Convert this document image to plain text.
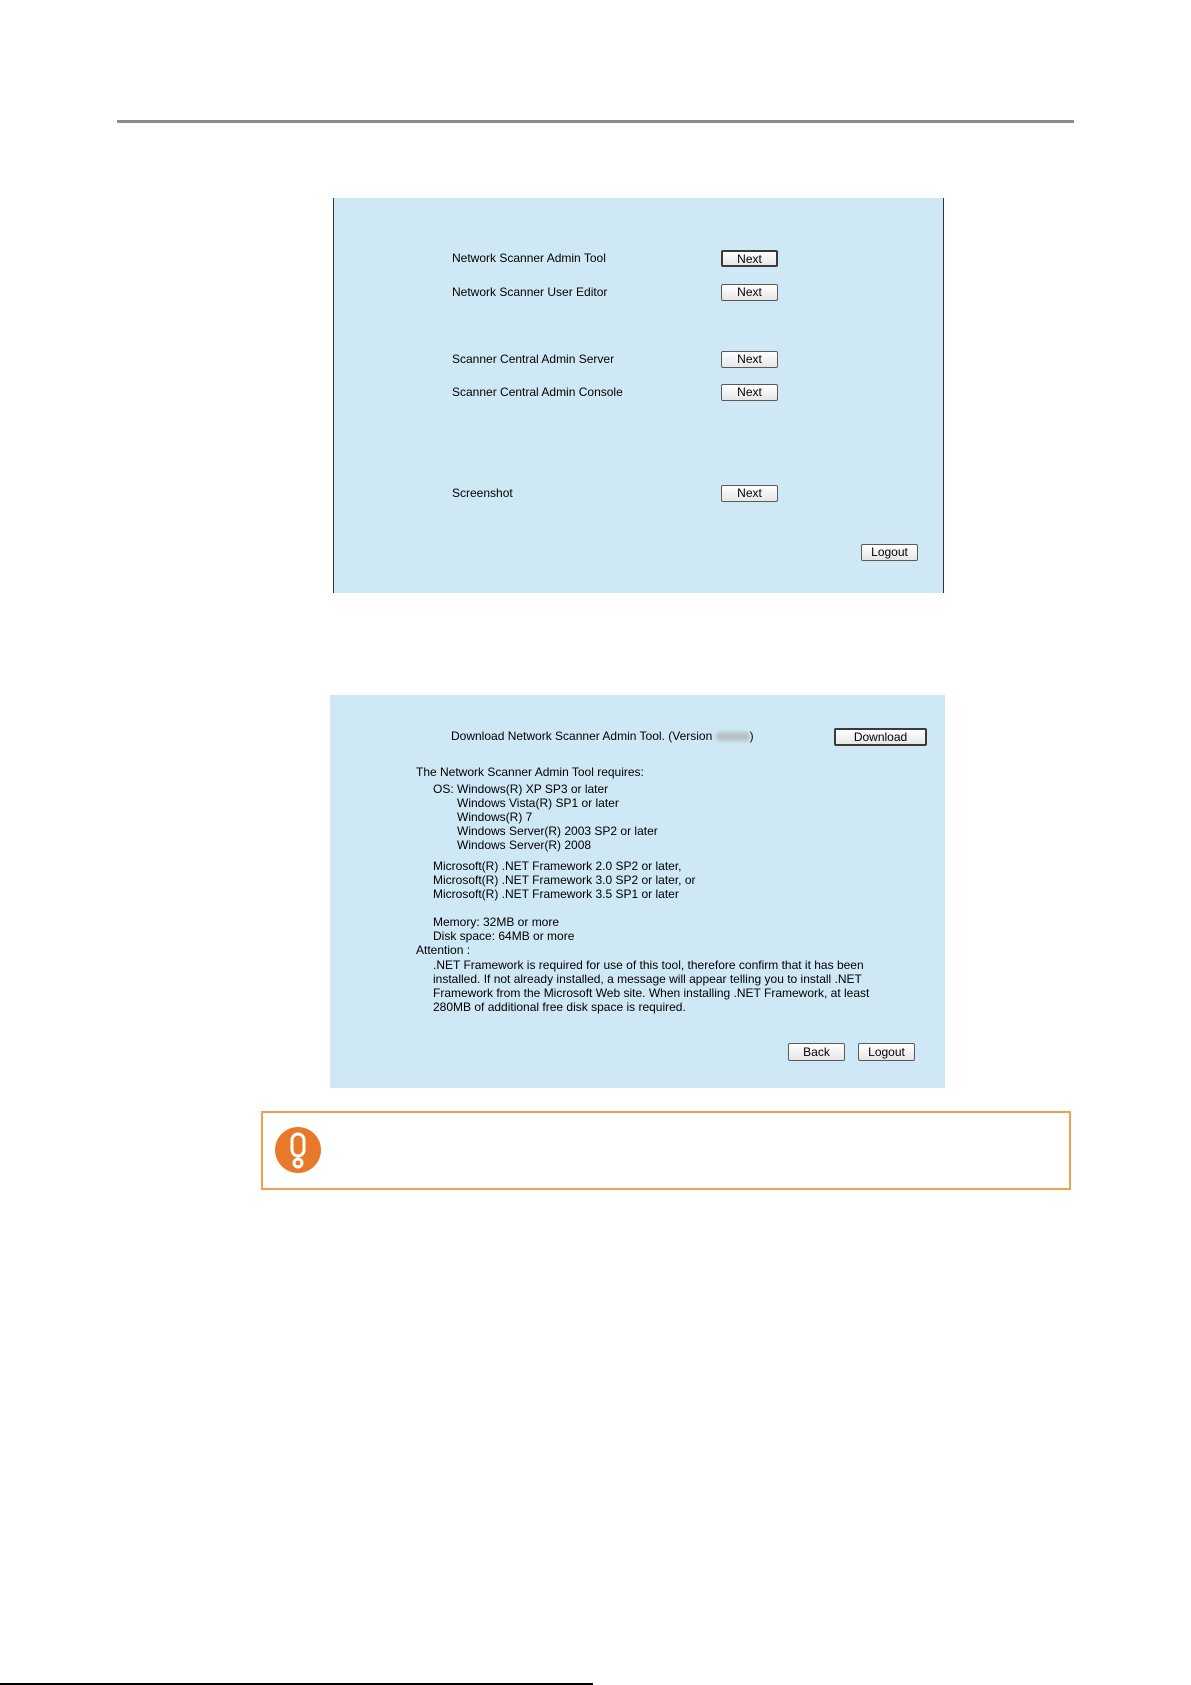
Network Scanner Admin Tool	Next
Network Scanner User Editor	Next
Scanner Central Admin Server	Next
Scanner Central Admin Console	Next
Screenshot	Next
Logout
Download Network Scanner Admin Tool. (Version	)	Download
The Network Scanner Admin Tool requires:
OS: Windows(R) XP SP3 or later
Windows Vista(R) SP1 or later
Windows(R) 7
Windows Server(R) 2003 SP2 or later
Windows Server(R) 2008
Microsoft(R) .NET Framework 2.0 SP2 or later,
Microsoft(R) .NET Framework 3.0 SP2 or later, or
Microsoft(R) .NET Framework 3.5 SP1 or later
Memory: 32MB or more
Disk space: 64MB or more
Attention :
.NET Framework is required for use of this tool, therefore confirm that it has been
installed. If not already installed, a message will appear telling you to install .NET
Framework from the Microsoft Web site. When installing .NET Framework, at least
280MB of additional free disk space is required.
Back	Logout
